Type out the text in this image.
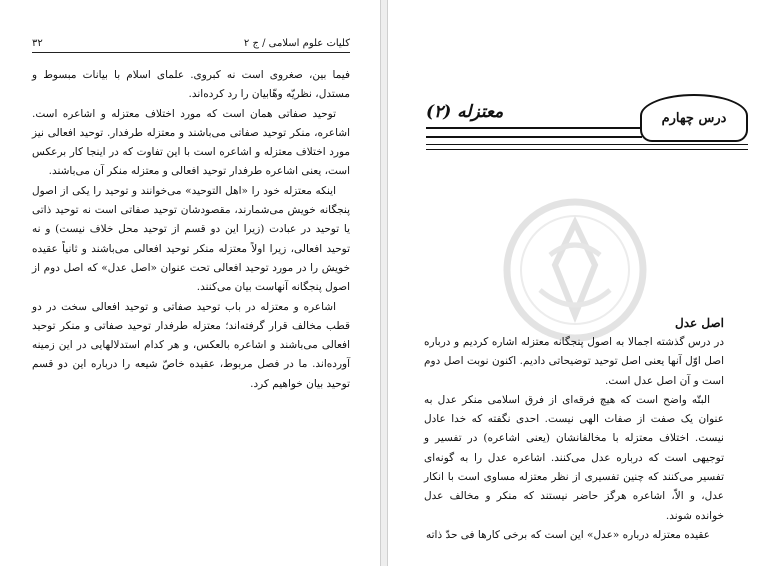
کلیات علوم اسلامی / ج ۲
۳۲

فیما بین، صغروی است نه کبروی. علمای اسلام با بیانات مبسوط و مستدل، نظریّه وهّابیان را رد کرده‌اند.

توحید صفاتی همان است که مورد اختلاف معتزله و اشاعره است. اشاعره، منکر توحید صفاتی می‌باشند و معتزله طرفدار. توحید افعالی نیز مورد اختلاف معتزله و اشاعره است با این تفاوت که در اینجا کار برعکس است، یعنی اشاعره طرفدار توحید افعالی و معتزله منکر آن می‌باشند.

اینکه معتزله خود را «اهل التوحید» می‌خوانند و توحید را یکی از اصول پنجگانه خویش می‌شمارند، مقصودشان توحید صفاتی است نه توحید ذاتی یا توحید در عبادت (زیرا این دو قسم از توحید محل خلاف نیست) و نه توحید افعالی، زیرا اولاً معتزله منکر توحید افعالی می‌باشند و ثانیاً عقیده خویش را در مورد توحید افعالی تحت عنوان «اصل عدل» که اصل دوم از اصول پنجگانه آنهاست بیان می‌کنند.

اشاعره و معتزله در باب توحید صفاتی و توحید افعالی سخت در دو قطب مخالف قرار گرفته‌اند؛ معتزله طرفدار توحید صفاتی و منکر توحید افعالی می‌باشند و اشاعره بالعکس، و هر کدام استدلالهایی در این زمینه آورده‌اند. ما در فصل مربوط، عقیده خاصّ شیعه را درباره این دو قسم توحید بیان خواهیم کرد.

درس چهارم
معتزله (۲)
اصل عدل

در درس گذشته اجمالا به اصول پنجگانه معتزله اشاره کردیم و درباره اصل اوّل آنها یعنی اصل توحید توضیحاتی دادیم. اکنون نوبت اصل دوم است و آن اصل عدل است.

البتّه واضح است که هیچ فرقه‌ای از فرق اسلامی منکر عدل به عنوان یک صفت از صفات الهی نیست. احدی نگفته که خدا عادل نیست. اختلاف معتزله با مخالفانشان (یعنی اشاعره) در تفسیر و توجیهی است که درباره عدل می‌کنند. اشاعره عدل را به گونه‌ای تفسیر می‌کنند که چنین تفسیری از نظر معتزله مساوی است با انکار عدل، و الاّ، اشاعره هرگز حاضر نیستند که منکر و مخالف عدل خوانده شوند.

عقیده معتزله درباره «عدل» این است که برخی کارها فی حدّ ذاته
